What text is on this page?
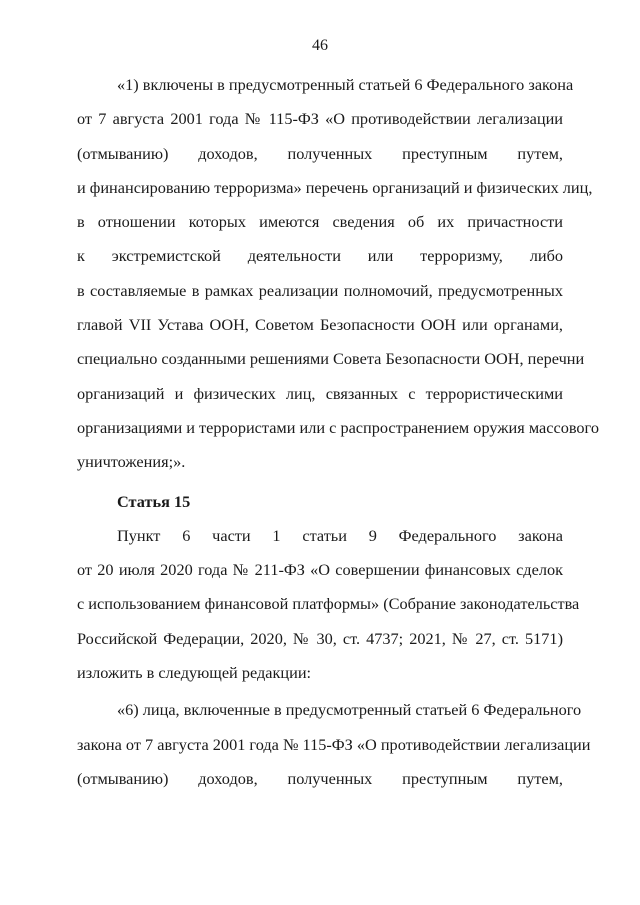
46
«1) включены в предусмотренный статьей 6 Федерального закона
от 7 августа 2001 года № 115-ФЗ «О противодействии легализации
(отмыванию) доходов, полученных преступным путем,
и финансированию терроризма» перечень организаций и физических лиц,
в отношении которых имеются сведения об их причастности
к экстремистской деятельности или терроризму, либо
в составляемые в рамках реализации полномочий, предусмотренных
главой VII Устава ООН, Советом Безопасности ООН или органами,
специально созданными решениями Совета Безопасности ООН, перечни
организаций и физических лиц, связанных с террористическими
организациями и террористами или с распространением оружия массового
уничтожения;».
Статья 15
Пункт 6 части 1 статьи 9 Федерального закона
от 20 июля 2020 года № 211-ФЗ «О совершении финансовых сделок
с использованием финансовой платформы» (Собрание законодательства
Российской Федерации, 2020, № 30, ст. 4737; 2021, № 27, ст. 5171)
изложить в следующей редакции:
«6) лица, включенные в предусмотренный статьей 6 Федерального
закона от 7 августа 2001 года № 115-ФЗ «О противодействии легализации
(отмыванию) доходов, полученных преступным путем,
